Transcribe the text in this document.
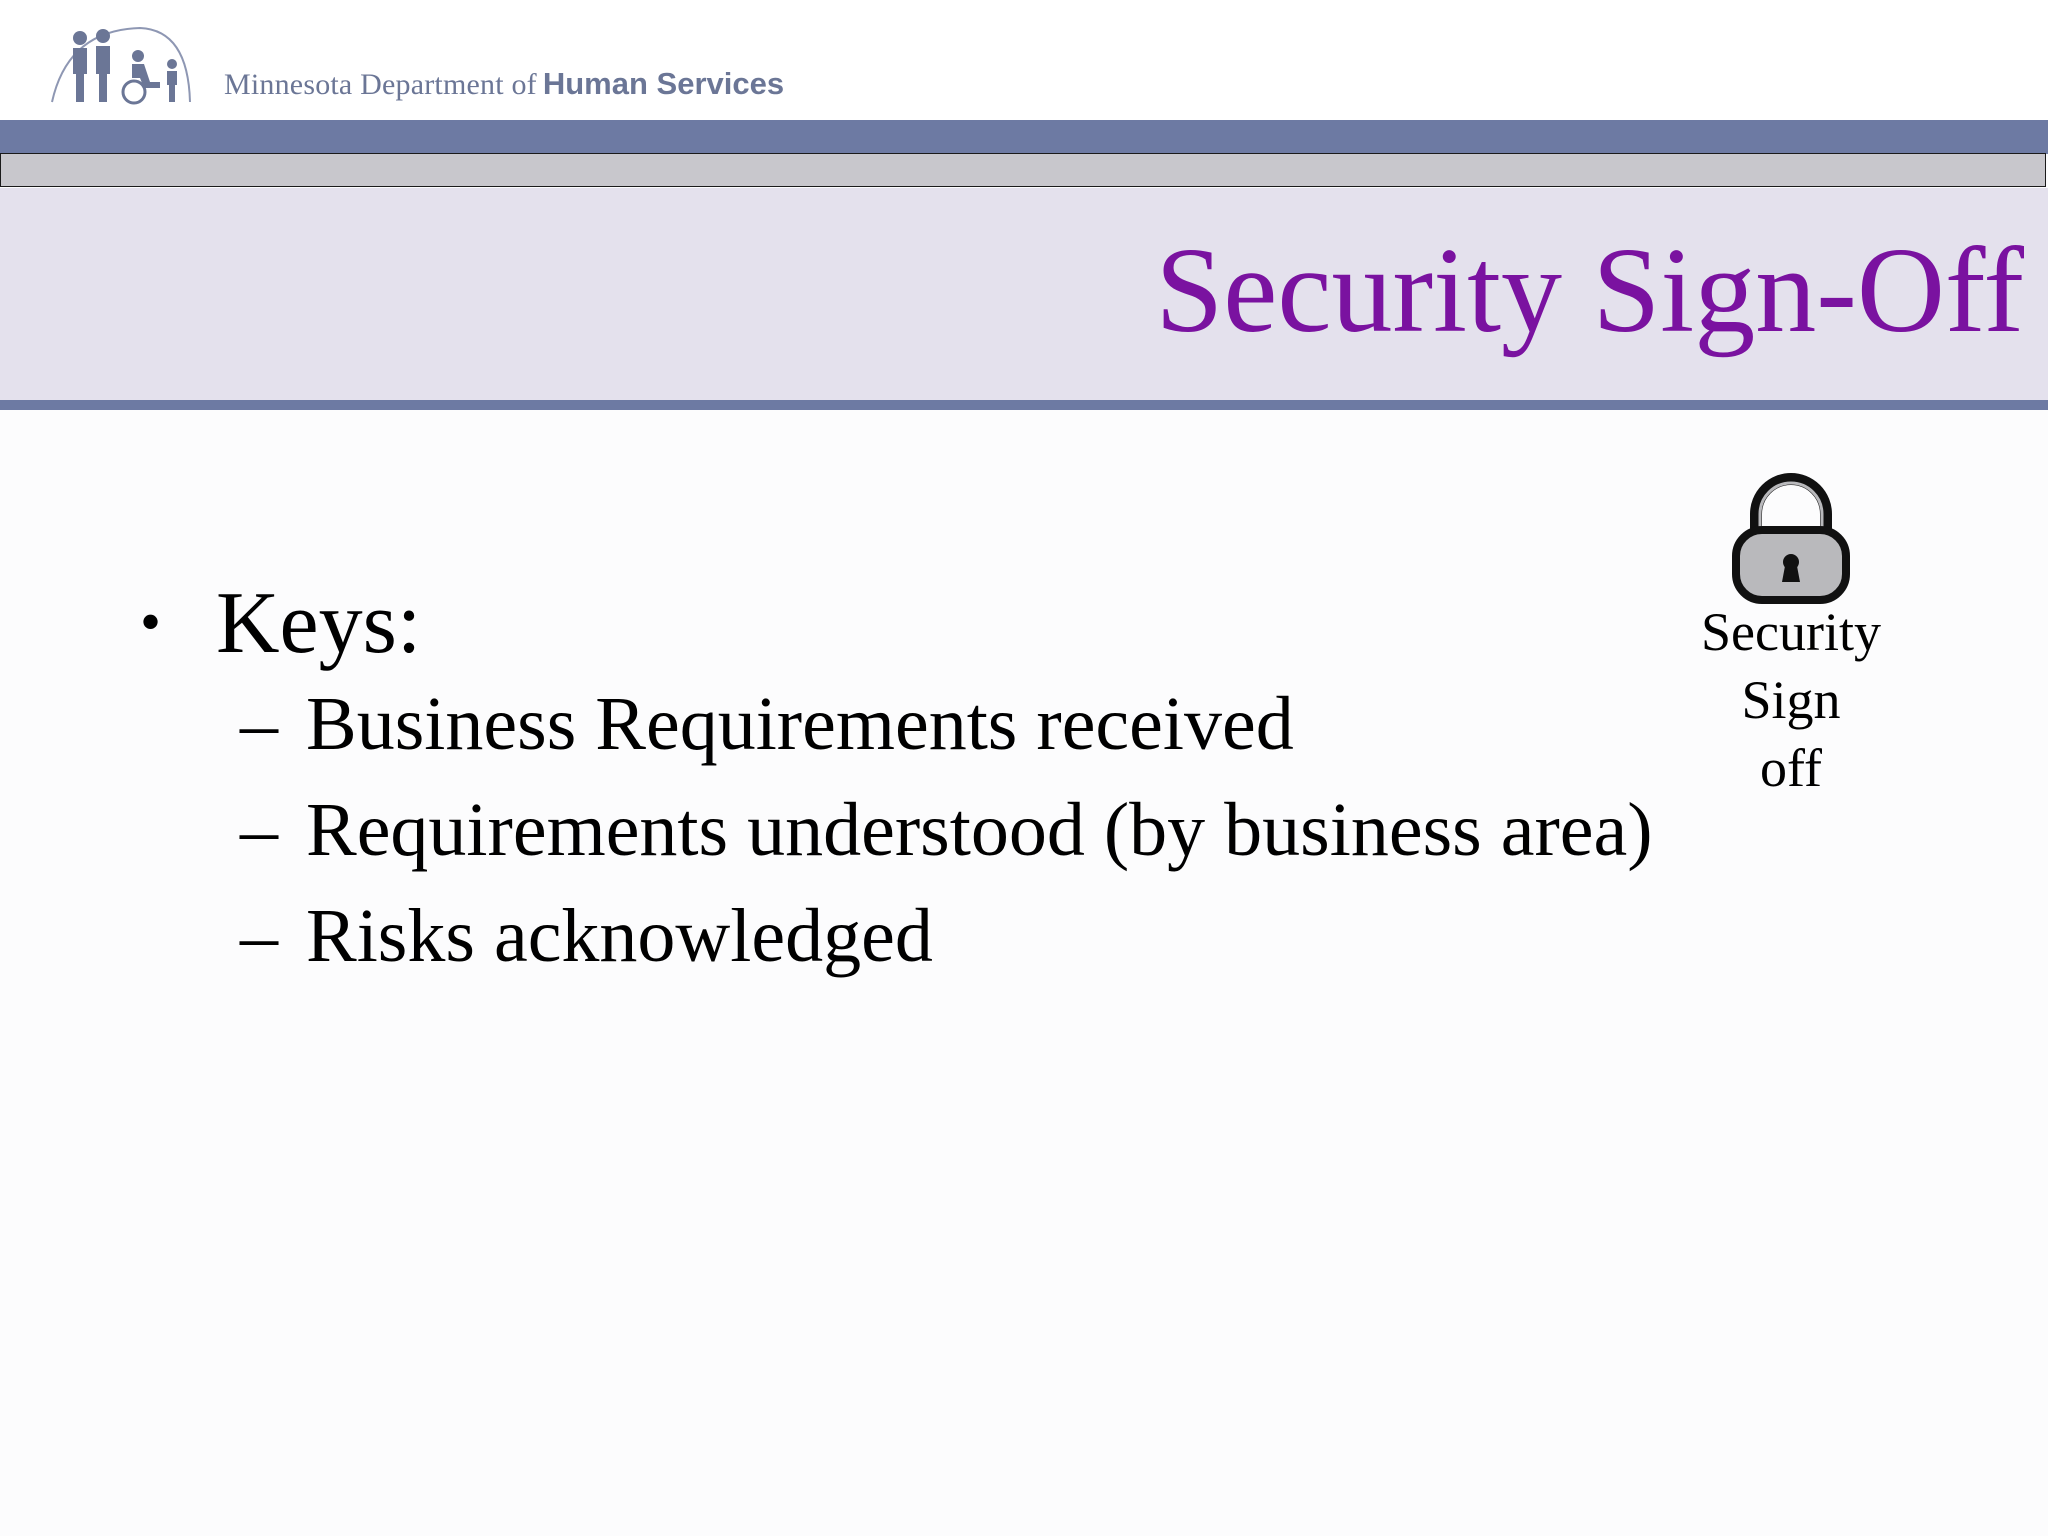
Minnesota Department of Human Services
Security Sign-Off
• Keys:
– Business Requirements received
– Requirements understood (by business area)
– Risks acknowledged
Security
Sign
off
